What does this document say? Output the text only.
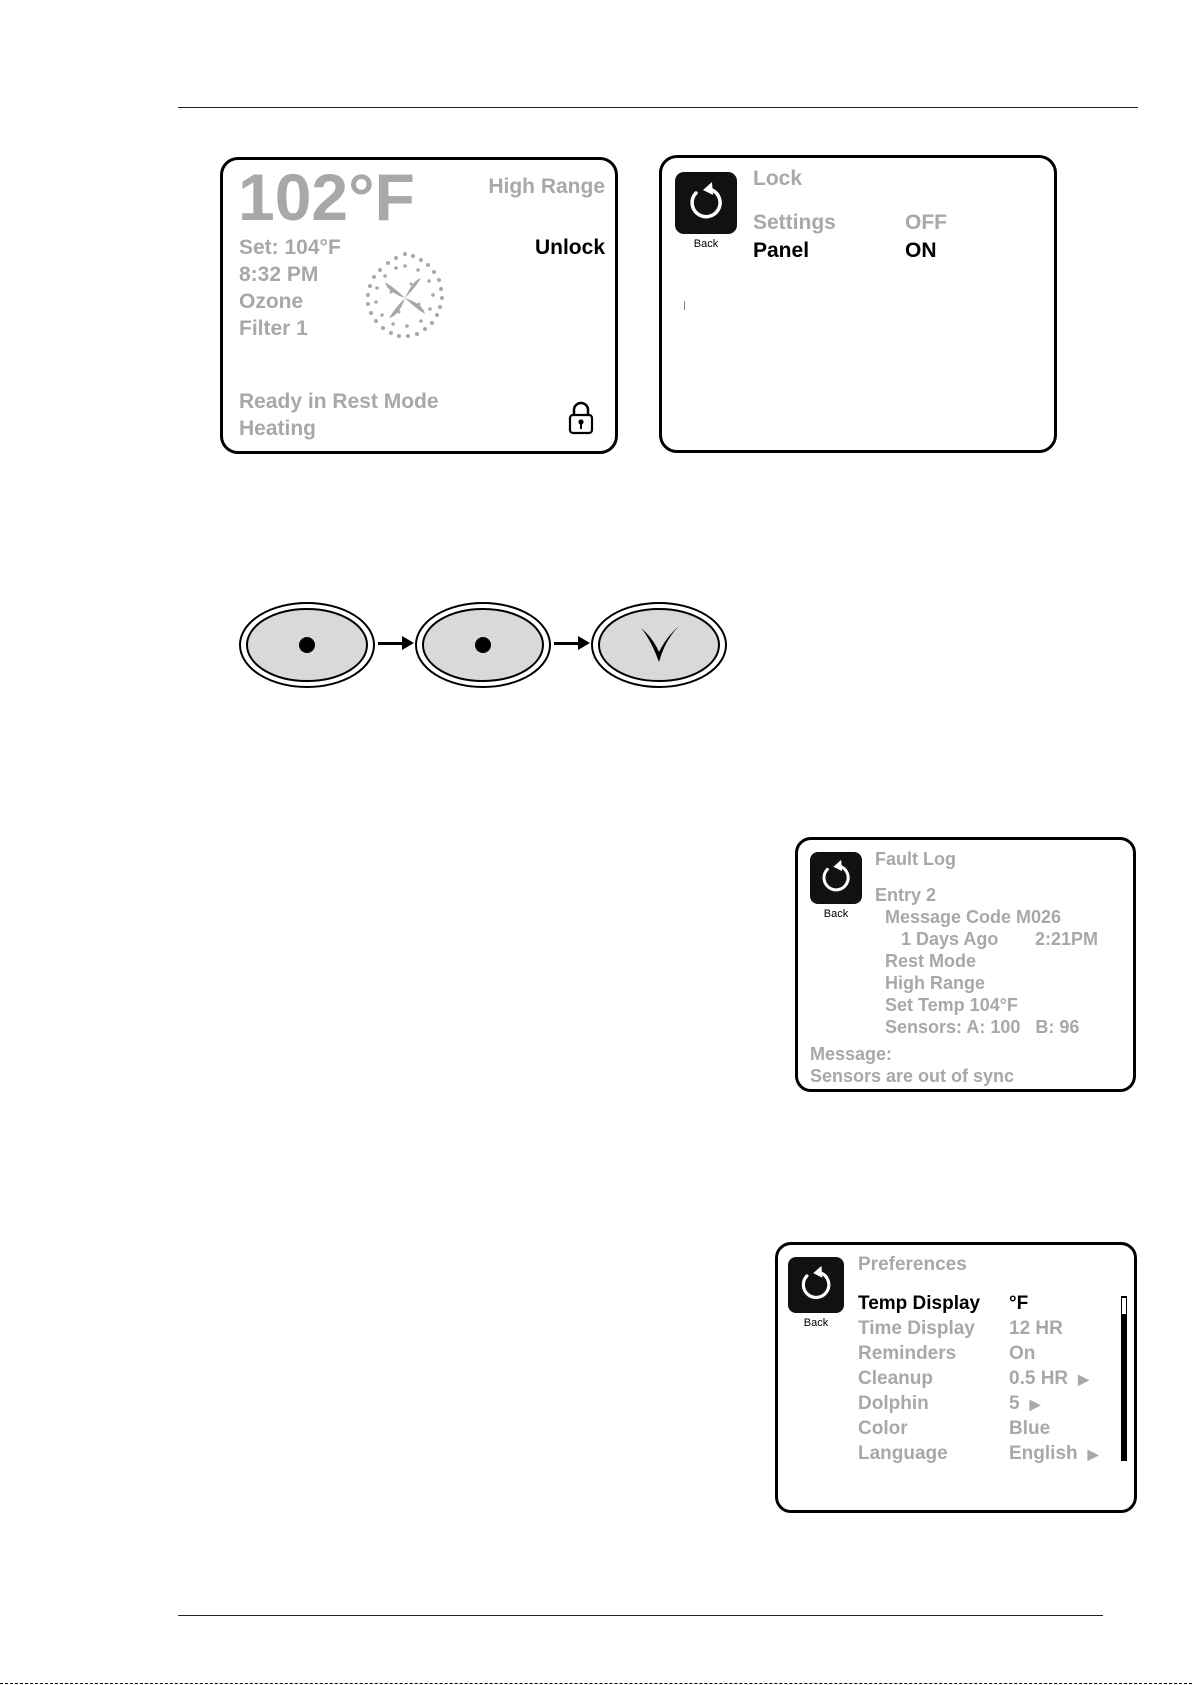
102°F	High Range
Unlock
Set: 104°F
8:32 PM
Ozone
Filter 1
Ready in Rest Mode
Heating
Back
Lock
Settings	OFF
Panel	ON
Back
Fault Log
Entry 2
Message Code M026
1 Days Ago 2:21PM
Rest Mode
High Range
Set Temp 104°F
Sensors: A: 100   B: 96
Message:
Sensors are out of sync
Back
Preferences
Temp Display °F
Time Display 12 HR
Reminders	On
Cleanup	0.5 HR ▶
Dolphin	5 ▶
Color	Blue
Language	English ▶
